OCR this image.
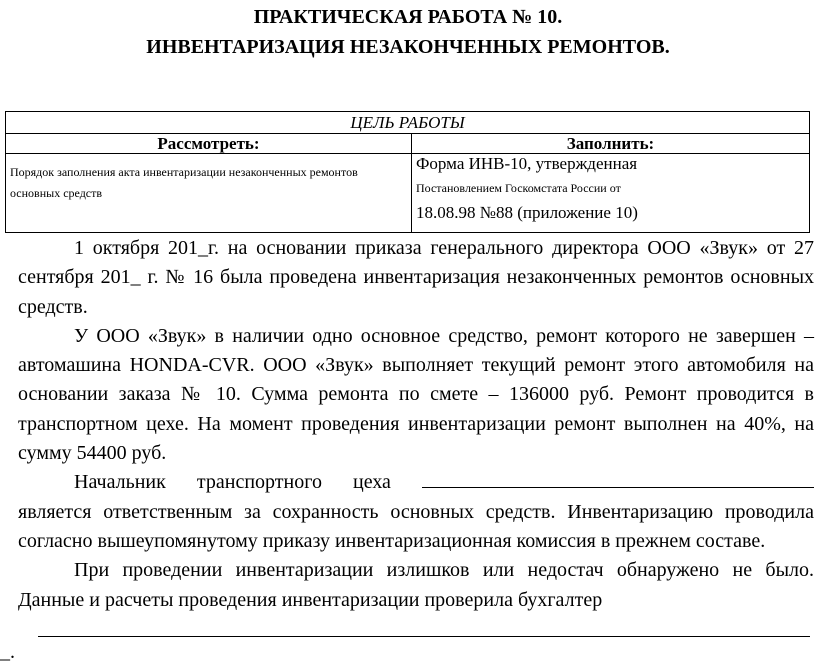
ПРАКТИЧЕСКАЯ РАБОТА № 10.
ИНВЕНТАРИЗАЦИЯ НЕЗАКОНЧЕННЫХ РЕМОНТОВ.
ЦЕЛЬ РАБОТЫ	
Рассмотреть:	Заполнить:
Порядок заполнения акта инвентаризации незаконченных ремонтов основных средств	Форма ИНВ-10, утвержденная
Постановлением Госкомстата России от
18.08.98 №88 (приложение 10)

1 октября 201_г. на основании приказа генерального директора ООО «Звук» от 27 сентября 201_ г. № 16 была проведена инвентаризация незаконченных ремонтов основных средств.

У ООО «Звук» в наличии одно основное средство, ремонт которого не завершен – автомашина HONDA-CVR. ООО «Звук» выполняет текущий ремонт этого автомобиля на основании заказа № 10. Сумма ремонта по смете – 136000 руб. Ремонт проводится в транспортном цехе. На момент проведения инвентаризации ремонт выполнен на 40%, на сумму 54400 руб.

Начальник транспортного цеха  является ответственным за сохранность основных средств. Инвентаризацию проводила согласно вышеупомянутому приказу инвентаризационная комиссия в прежнем составе.

При проведении инвентаризации излишков или недостач обнаружено не было. Данные и расчеты проведения инвентаризации проверила бухгалтер

_.
